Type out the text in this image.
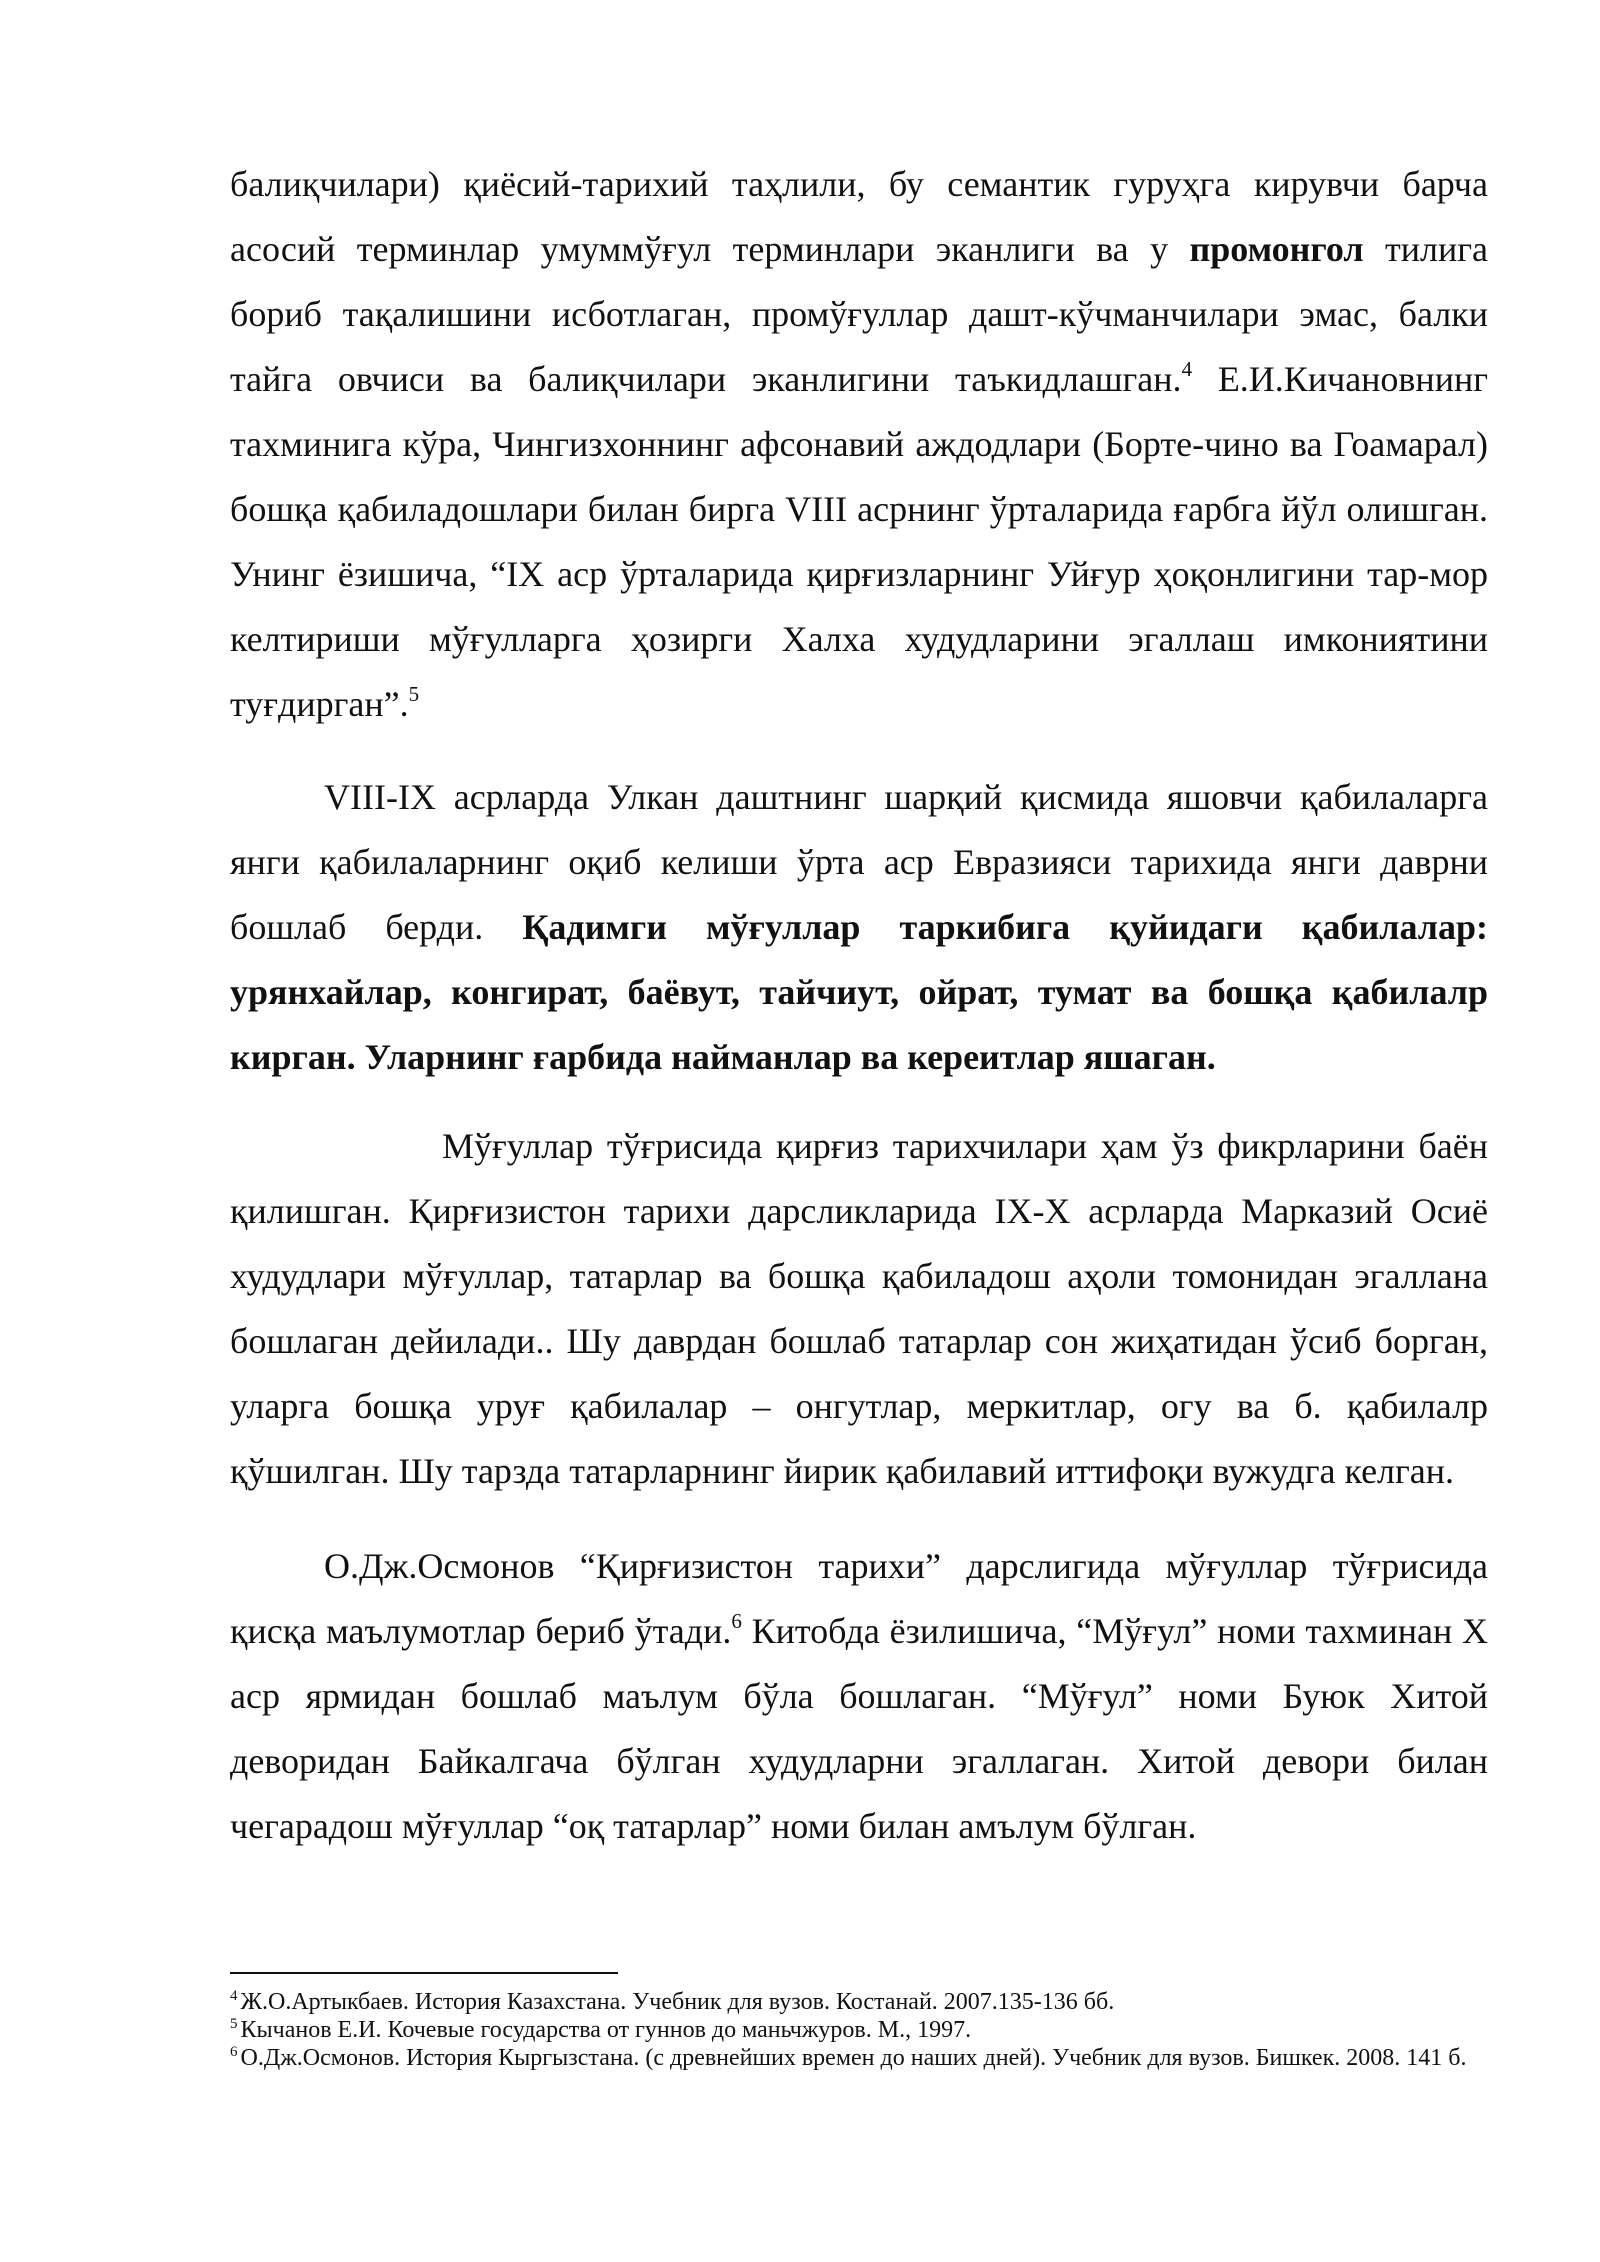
балиқчилари) қиёсий-тарихий таҳлили, бу семантик гуруҳга кирувчи барча асосий терминлар умуммўғул терминлари эканлиги ва у промонгол тилига бориб тақалишини исботлаган, промўғуллар дашт-кўчманчилари эмас, балки тайга овчиси ва балиқчилари эканлигини таъкидлашган.$^4$ Е.И.Кичановнинг тахминига кўра, Чингизхоннинг афсонавий аждодлари (Борте-чино ва Гоамарал) бошқа қабиладошлари билан бирга VIII асрнинг ўрталарида ғарбга йўл олишган. Унинг ёзишича, “IX аср ўрталарида қирғизларнинг Уйғур ҳоқонлигини тар-мор келтириши мўғулларга ҳозирги Халха худудларини эгаллаш имкониятини туғдирган”.$^5$

VIII-IX асрларда Улкан даштнинг шарқий қисмида яшовчи қабилаларга янги қабилаларнинг оқиб келиши ўрта аср Евразияси тарихида янги даврни бошлаб берди. Қадимги мўғуллар таркибига қуйидаги қабилалар: урянхайлар, конгират, баёвут, тайчиут, ойрат, тумат ва бошқа қабилалр кирган. Уларнинг ғарбида найманлар ва кереитлар яшаган.

Мўғуллар тўғрисида қирғиз тарихчилари ҳам ўз фикрларини баён қилишган. Қирғизистон тарихи дарсликларида IX-X асрларда Марказий Осиё худудлари мўғуллар, татарлар ва бошқа қабиладош аҳоли томонидан эгаллана бошлаган дейилади.. Шу даврдан бошлаб татарлар сон жиҳатидан ўсиб борган, уларга бошқа уруғ қабилалар – онгутлар, меркитлар, огу ва б. қабилалр қўшилган. Шу тарзда татарларнинг йирик қабилавий иттифоқи вужудга келган.

О.Дж.Осмонов “Қирғизистон тарихи” дарслигида мўғуллар тўғрисида қисқа маълумотлар бериб ўтади.$^6$ Китобда ёзилишича, “Мўғул” номи тахминан X аср ярмидан бошлаб маълум бўла бошлаган. “Мўғул” номи Буюк Хитой деворидан Байкалгача бўлган худудларни эгаллаган. Хитой девори билан чегарадош мўғуллар “оқ татарлар” номи билан амълум бўлган.

$^4$ Ж.О.Артыкбаев. История Казахстана. Учебник для вузов. Костанай. 2007.135-136 бб.

$^5$ Кычанов Е.И. Кочевые государства от гуннов до маньчжуров. М., 1997.

$^6$ О.Дж.Осмонов. История Кыргызстана. (с древнейших времен до наших дней). Учебник для вузов. Бишкек. 2008. 141 б.
